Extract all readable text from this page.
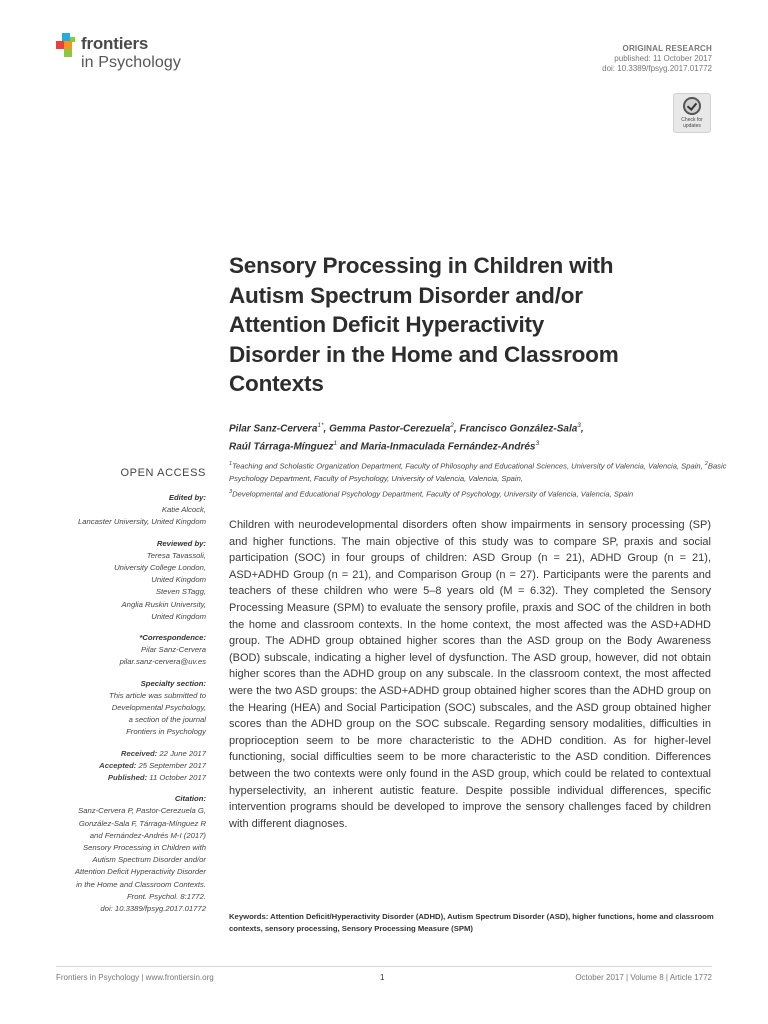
frontiers
in Psychology
ORIGINAL RESEARCH
published: 11 October 2017
doi: 10.3389/fpsyg.2017.01772
Check for
updates
Sensory Processing in Children with
Autism Spectrum Disorder and/or
Attention Deficit Hyperactivity
Disorder in the Home and Classroom
Contexts
Pilar Sanz-Cervera$^{1*}$, Gemma Pastor-Cerezuela$^2$, Francisco González-Sala$^3$,
Raúl Tárraga-Mínguez$^1$ and Maria-Inmaculada Fernández-Andrés$^3$
$^1$Teaching and Scholastic Organization Department, Faculty of Philosophy and Educational Sciences, University of Valencia, Valencia, Spain, $^2$Basic Psychology Department, Faculty of Psychology, University of Valencia, Valencia, Spain,
$^3$Developmental and Educational Psychology Department, Faculty of Psychology, University of Valencia, Valencia, Spain
OPEN ACCESS
Edited by:
Katie Alcock,
Lancaster University, United Kingdom
Reviewed by:
Teresa Tavassoli,
University College London,
United Kingdom
Steven STagg,
Anglia Ruskin University,
United Kingdom
*Correspondence:
Pilar Sanz-Cervera
pilar.sanz-cervera@uv.es
Specialty section:
This article was submitted to
Developmental Psychology,
a section of the journal
Frontiers in Psychology
Received: 22 June 2017
Accepted: 25 September 2017
Published: 11 October 2017
Citation:
Sanz-Cervera P, Pastor-Cerezuela G,
González-Sala F, Tárraga-Mínguez R
and Fernández-Andrés M-I (2017)
Sensory Processing in Children with
Autism Spectrum Disorder and/or
Attention Deficit Hyperactivity Disorder
in the Home and Classroom Contexts.
Front. Psychol. 8:1772.
doi: 10.3389/fpsyg.2017.01772
Children with neurodevelopmental disorders often show impairments in sensory processing (SP) and higher functions. The main objective of this study was to compare SP, praxis and social participation (SOC) in four groups of children: ASD Group (n = 21), ADHD Group (n = 21), ASD+ADHD Group (n = 21), and Comparison Group (n = 27). Participants were the parents and teachers of these children who were 5–8 years old (M = 6.32). They completed the Sensory Processing Measure (SPM) to evaluate the sensory profile, praxis and SOC of the children in both the home and classroom contexts. In the home context, the most affected was the ASD+ADHD group. The ADHD group obtained higher scores than the ASD group on the Body Awareness (BOD) subscale, indicating a higher level of dysfunction. The ASD group, however, did not obtain higher scores than the ADHD group on any subscale. In the classroom context, the most affected were the two ASD groups: the ASD+ADHD group obtained higher scores than the ADHD group on the Hearing (HEA) and Social Participation (SOC) subscales, and the ASD group obtained higher scores than the ADHD group on the SOC subscale. Regarding sensory modalities, difficulties in proprioception seem to be more characteristic to the ADHD condition. As for higher-level functioning, social difficulties seem to be more characteristic to the ASD condition. Differences between the two contexts were only found in the ASD group, which could be related to contextual hyperselectivity, an inherent autistic feature. Despite possible individual differences, specific intervention programs should be developed to improve the sensory challenges faced by children with different diagnoses.
Keywords: Attention Deficit/Hyperactivity Disorder (ADHD), Autism Spectrum Disorder (ASD), higher functions, home and classroom contexts, sensory processing, Sensory Processing Measure (SPM)
Frontiers in Psychology | www.frontiersin.org	1	October 2017 | Volume 8 | Article 1772
